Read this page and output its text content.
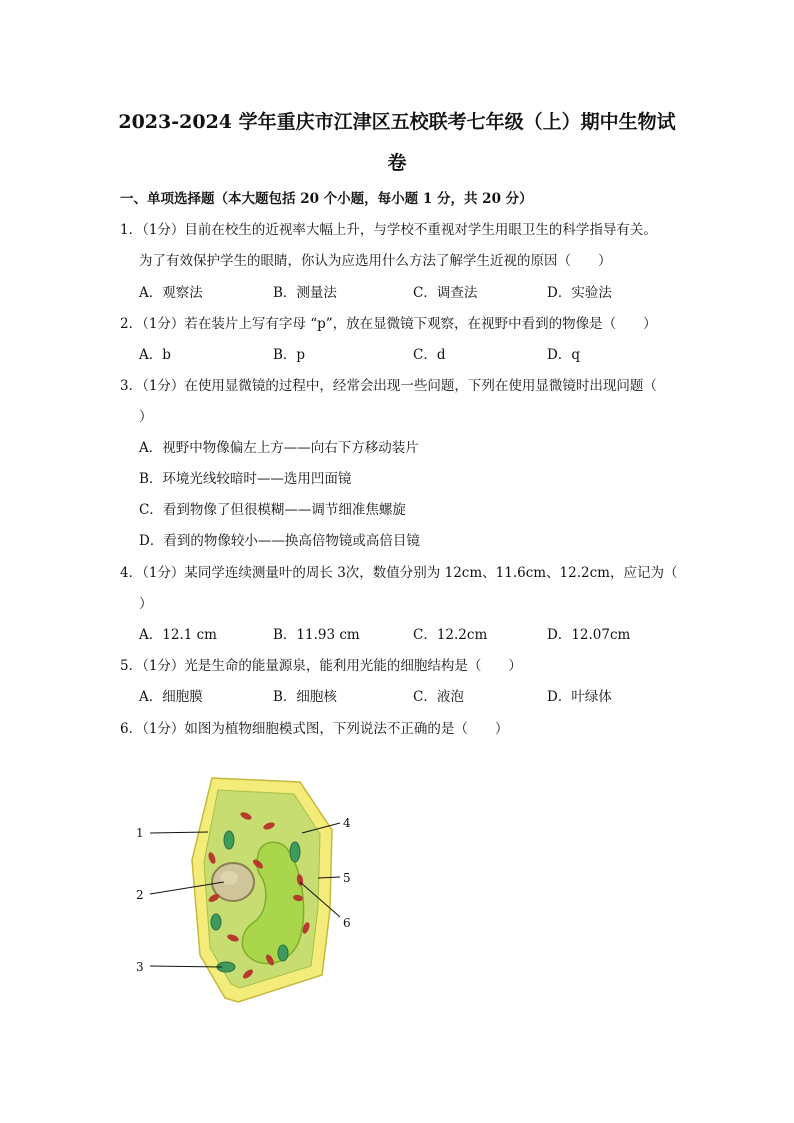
2023-2024 学年重庆市江津区五校联考七年级（上）期中生物试
卷
一、单项选择题（本大题包括 20 个小题，每小题 1 分，共 20 分）
1．（1分）目前在校生的近视率大幅上升，与学校不重视对学生用眼卫生的科学指导有关。
为了有效保护学生的眼睛，你认为应选用什么方法了解学生近视的原因（　　）
A．观察法	B．测量法	C．调查法	D．实验法
2．（1分）若在装片上写有字母 “p”，放在显微镜下观察，在视野中看到的物像是（　　）
A．b	B．p	C．d	D．q
3．（1分）在使用显微镜的过程中，经常会出现一些问题，下列在使用显微镜时出现问题（
）
A．视野中物像偏左上方——向右下方移动装片
B．环境光线较暗时——选用凹面镜
C．看到物像了但很模糊——调节细准焦螺旋
D．看到的物像较小——换高倍物镜或高倍目镜
4．（1分）某同学连续测量叶的周长 3次，数值分别为 12cm、11.6cm、12.2cm，应记为（
）
A．12.1 cm	B．11.93 cm	C．12.2cm	D．12.07cm
5．（1分）光是生命的能量源泉，能利用光能的细胞结构是（　　）
A．细胞膜	B．细胞核	C．液泡	D．叶绿体
6．（1分）如图为植物细胞模式图，下列说法不正确的是（　　）
1
2
3
4
5
6
